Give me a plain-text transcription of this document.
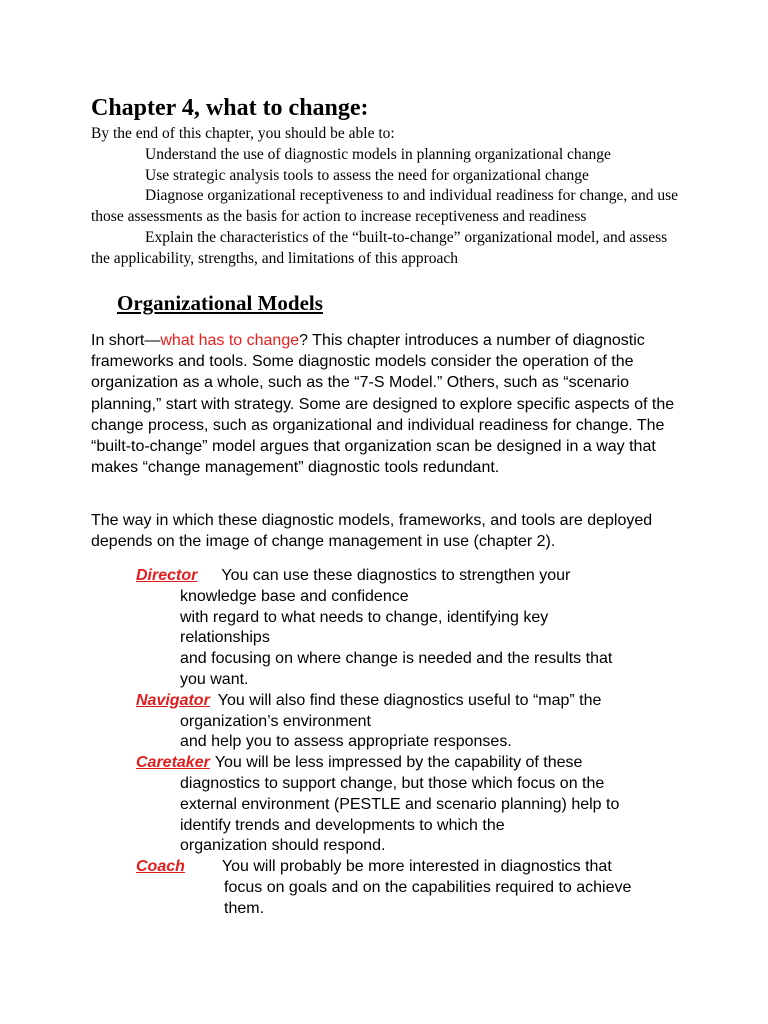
Chapter 4, what to change:

By the end of this chapter, you should be able to:

Understand the use of diagnostic models in planning organizational change

Use strategic analysis tools to assess the need for organizational change

Diagnose organizational receptiveness to and individual readiness for change, and use those assessments as the basis for action to increase receptiveness and readiness

Explain the characteristics of the “built-to-change” organizational model, and assess the applicability, strengths, and limitations of this approach

Organizational Models

In short—what has to change? This chapter introduces a number of diagnostic frameworks and tools. Some diagnostic models consider the operation of the organization as a whole, such as the “7-S Model.” Others, such as “scenario planning,” start with strategy. Some are designed to explore specific aspects of the change process, such as organizational and individual readiness for change. The “built-to-change” model argues that organization scan be designed in a way that makes “change management” diagnostic tools redundant.

The way in which these diagnostic models, frameworks, and tools are deployed depends on the image of change management in use (chapter 2).

Director You can use these diagnostics to strengthen your
knowledge base and confidence
with regard to what needs to change, identifying key
relationships
and focusing on where change is needed and the results that
you want.
Navigator You will also find these diagnostics useful to “map” the
organization’s environment
and help you to assess appropriate responses.
Caretaker You will be less impressed by the capability of these
diagnostics to support change, but those which focus on the
external environment (PESTLE and scenario planning) help to
identify trends and developments to which the
organization should respond.
Coach You will probably be more interested in diagnostics that
focus on goals and on the capabilities required to achieve
them.
